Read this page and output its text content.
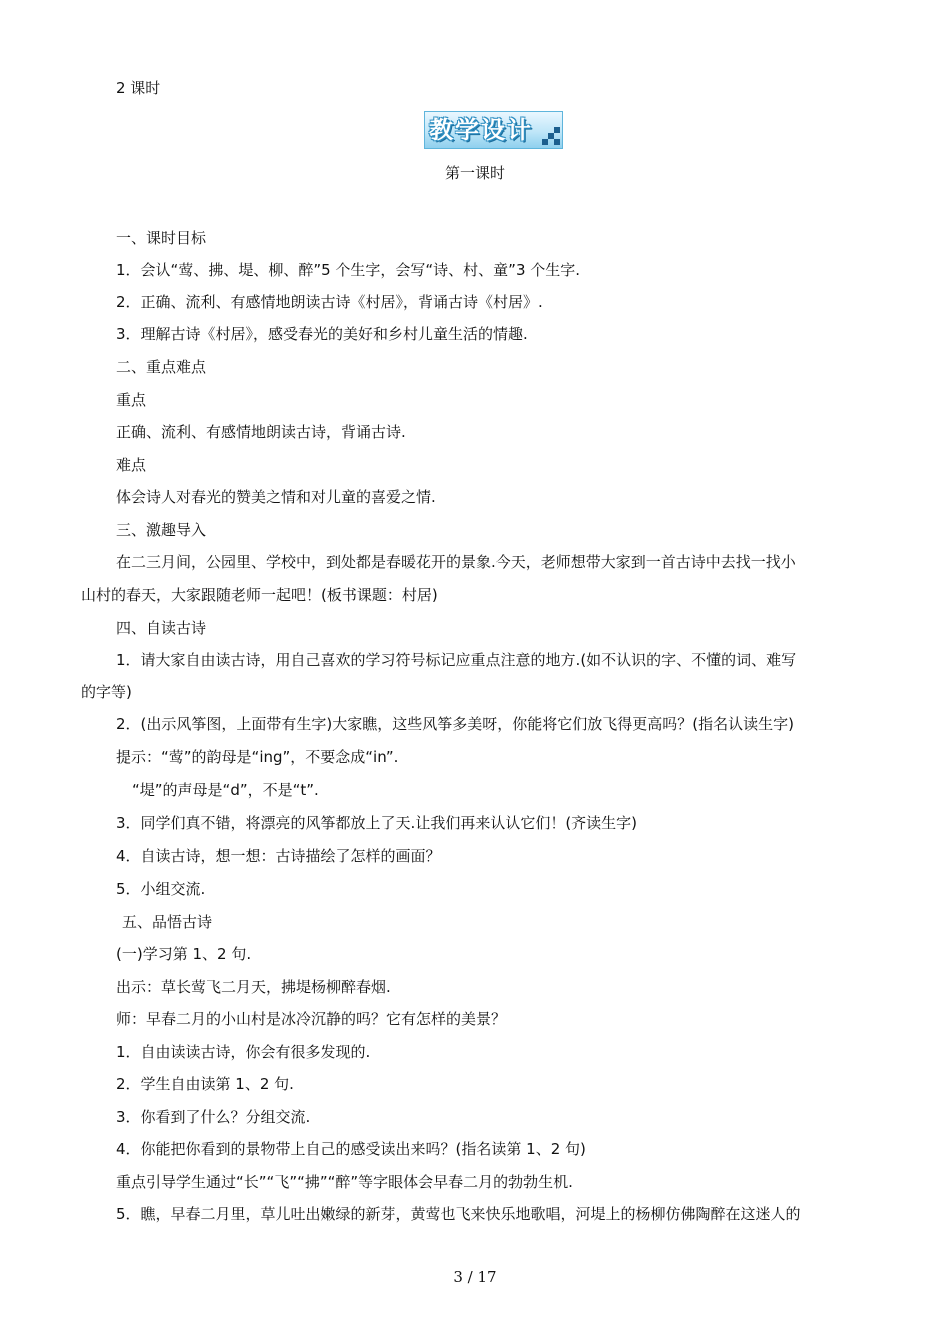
2 课时
教学设计
第一课时
一、课时目标
1．会认“莺、拂、堤、柳、醉”5 个生字，会写“诗、村、童”3 个生字.
2．正确、流利、有感情地朗读古诗《村居》，背诵古诗《村居》.
3．理解古诗《村居》，感受春光的美好和乡村儿童生活的情趣.
二、重点难点
重点
正确、流利、有感情地朗读古诗，背诵古诗.
难点
体会诗人对春光的赞美之情和对儿童的喜爱之情.
三、激趣导入
在二三月间，公园里、学校中，到处都是春暖花开的景象.今天，老师想带大家到一首古诗中去找一找小
山村的春天，大家跟随老师一起吧！(板书课题：村居)
四、自读古诗
1．请大家自由读古诗，用自己喜欢的学习符号标记应重点注意的地方.(如不认识的字、不懂的词、难写
的字等)
2．(出示风筝图，上面带有生字)大家瞧，这些风筝多美呀，你能将它们放飞得更高吗？(指名认读生字)
提示：“莺”的韵母是“ing”，不要念成“in”.
“堤”的声母是“d”，不是“t”.
3．同学们真不错，将漂亮的风筝都放上了天.让我们再来认认它们！(齐读生字)
4．自读古诗，想一想：古诗描绘了怎样的画面？
5．小组交流.
五、品悟古诗
(一)学习第 1、2 句.
出示：草长莺飞二月天，拂堤杨柳醉春烟.
师：早春二月的小山村是冰冷沉静的吗？它有怎样的美景？
1．自由读读古诗，你会有很多发现的.
2．学生自由读第 1、2 句.
3．你看到了什么？分组交流.
4．你能把你看到的景物带上自己的感受读出来吗？(指名读第 1、2 句)
重点引导学生通过“长”“飞”“拂”“醉”等字眼体会早春二月的勃勃生机.
5．瞧，早春二月里，草儿吐出嫩绿的新芽，黄莺也飞来快乐地歌唱，河堤上的杨柳仿佛陶醉在这迷人的
3 / 17
